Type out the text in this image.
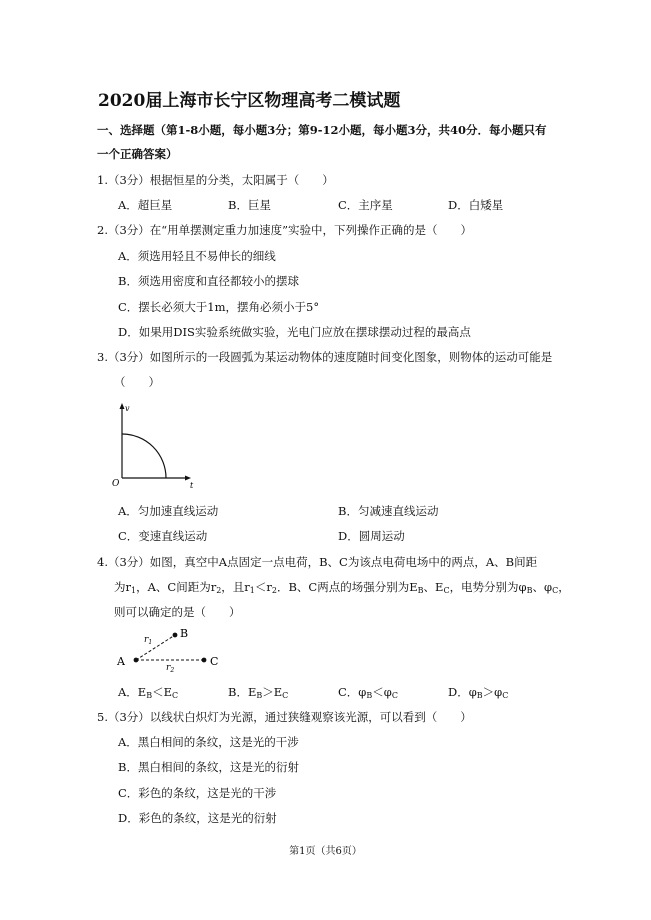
2020届上海市长宁区物理高考二模试题
一、选择题（第1-8小题，每小题3分；第9-12小题，每小题3分，共40分．每小题只有
一个正确答案）
1.（3分）根据恒星的分类，太阳属于（　　）
A．超巨星	B．巨星	C．主序星	D．白矮星
2.（3分）在“用单摆测定重力加速度”实验中，下列操作正确的是（　　）
A．须选用轻且不易伸长的细线
B．须选用密度和直径都较小的摆球
C．摆长必须大于1m，摆角必须小于5°
D．如果用DIS实验系统做实验，光电门应放在摆球摆动过程的最高点
3.（3分）如图所示的一段圆弧为某运动物体的速度随时间变化图象，则物体的运动可能是
（　　）
v
O	t
A．匀加速直线运动	B．匀减速直线运动
C．变速直线运动	D．圆周运动
4.（3分）如图，真空中A点固定一点电荷，B、C为该点电荷电场中的两点，A、B间距
为$r_1$，A、C间距为$r_2$，且$r_1<r_2$．B、C两点的场强分别为$E_B$、$E_C$，电势分别为$\varphi_B$、$\varphi_C$，
则可以确定的是（　　）
A
B
C
$r_1$
$r_2$
A．$E_B<E_C$	B．$E_B>E_C$	C．$\varphi_B<\varphi_C$	D．$\varphi_B>\varphi_C$
5.（3分）以线状白炽灯为光源，通过狭缝观察该光源，可以看到（　　）
A．黑白相间的条纹，这是光的干涉
B．黑白相间的条纹，这是光的衍射
C．彩色的条纹，这是光的干涉
D．彩色的条纹，这是光的衍射
第1页（共6页）
